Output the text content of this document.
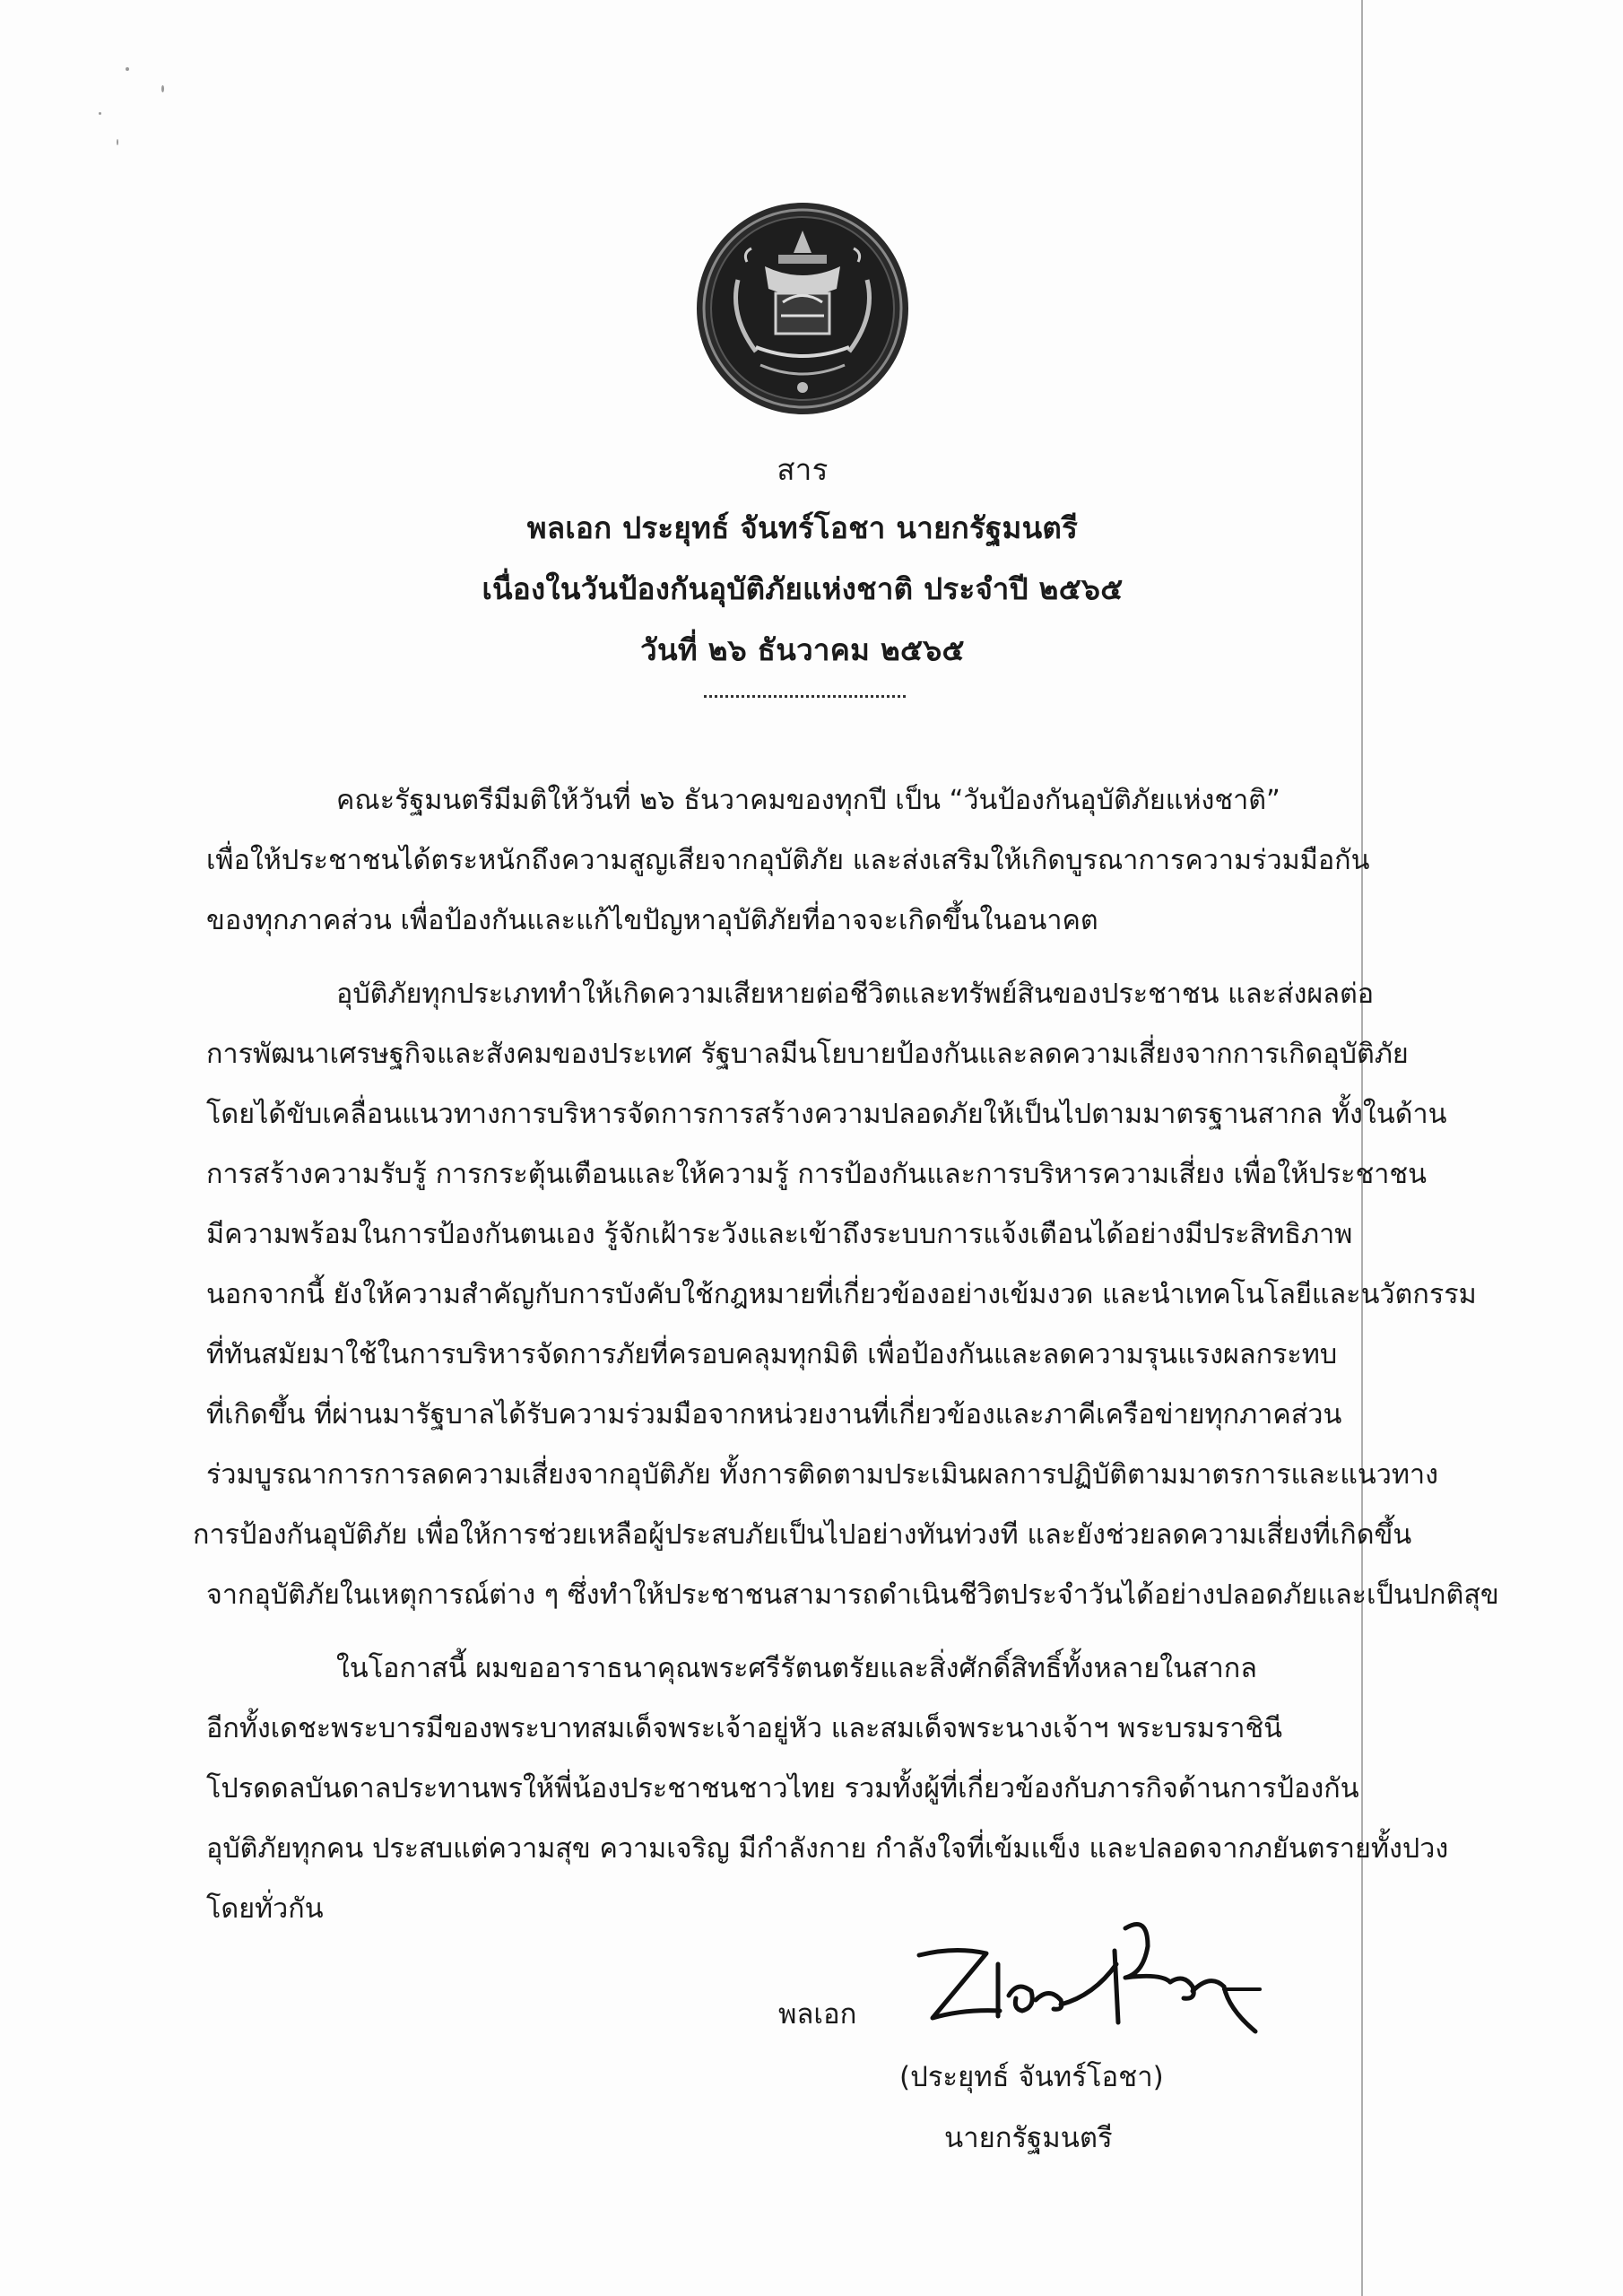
สาร
พลเอก ประยุทธ์ จันทร์โอชา นายกรัฐมนตรี
เนื่องในวันป้องกันอุบัติภัยแห่งชาติ ประจำปี ๒๕๖๕
วันที่ ๒๖ ธันวาคม ๒๕๖๕
คณะรัฐมนตรีมีมติให้วันที่ ๒๖ ธันวาคมของทุกปี เป็น “วันป้องกันอุบัติภัยแห่งชาติ”
เพื่อให้ประชาชนได้ตระหนักถึงความสูญเสียจากอุบัติภัย และส่งเสริมให้เกิดบูรณาการความร่วมมือกัน
ของทุกภาคส่วน เพื่อป้องกันและแก้ไขปัญหาอุบัติภัยที่อาจจะเกิดขึ้นในอนาคต
อุบัติภัยทุกประเภททำให้เกิดความเสียหายต่อชีวิตและทรัพย์สินของประชาชน และส่งผลต่อ
การพัฒนาเศรษฐกิจและสังคมของประเทศ รัฐบาลมีนโยบายป้องกันและลดความเสี่ยงจากการเกิดอุบัติภัย
โดยได้ขับเคลื่อนแนวทางการบริหารจัดการการสร้างความปลอดภัยให้เป็นไปตามมาตรฐานสากล ทั้งในด้าน
การสร้างความรับรู้ การกระตุ้นเตือนและให้ความรู้ การป้องกันและการบริหารความเสี่ยง เพื่อให้ประชาชน
มีความพร้อมในการป้องกันตนเอง รู้จักเฝ้าระวังและเข้าถึงระบบการแจ้งเตือนได้อย่างมีประสิทธิภาพ
นอกจากนี้ ยังให้ความสำคัญกับการบังคับใช้กฎหมายที่เกี่ยวข้องอย่างเข้มงวด และนำเทคโนโลยีและนวัตกรรม
ที่ทันสมัยมาใช้ในการบริหารจัดการภัยที่ครอบคลุมทุกมิติ เพื่อป้องกันและลดความรุนแรงผลกระทบ
ที่เกิดขึ้น ที่ผ่านมารัฐบาลได้รับความร่วมมือจากหน่วยงานที่เกี่ยวข้องและภาคีเครือข่ายทุกภาคส่วน
ร่วมบูรณาการการลดความเสี่ยงจากอุบัติภัย ทั้งการติดตามประเมินผลการปฏิบัติตามมาตรการและแนวทาง
การป้องกันอุบัติภัย เพื่อให้การช่วยเหลือผู้ประสบภัยเป็นไปอย่างทันท่วงที และยังช่วยลดความเสี่ยงที่เกิดขึ้น
จากอุบัติภัยในเหตุการณ์ต่าง ๆ ซึ่งทำให้ประชาชนสามารถดำเนินชีวิตประจำวันได้อย่างปลอดภัยและเป็นปกติสุข
ในโอกาสนี้ ผมขออาราธนาคุณพระศรีรัตนตรัยและสิ่งศักดิ์สิทธิ์ทั้งหลายในสากล
อีกทั้งเดชะพระบารมีของพระบาทสมเด็จพระเจ้าอยู่หัว และสมเด็จพระนางเจ้าฯ พระบรมราชินี
โปรดดลบันดาลประทานพรให้พี่น้องประชาชนชาวไทย รวมทั้งผู้ที่เกี่ยวข้องกับภารกิจด้านการป้องกัน
อุบัติภัยทุกคน ประสบแต่ความสุข ความเจริญ มีกำลังกาย กำลังใจที่เข้มแข็ง และปลอดจากภยันตรายทั้งปวง
โดยทั่วกัน
พลเอก
(ประยุทธ์ จันทร์โอชา)
นายกรัฐมนตรี
